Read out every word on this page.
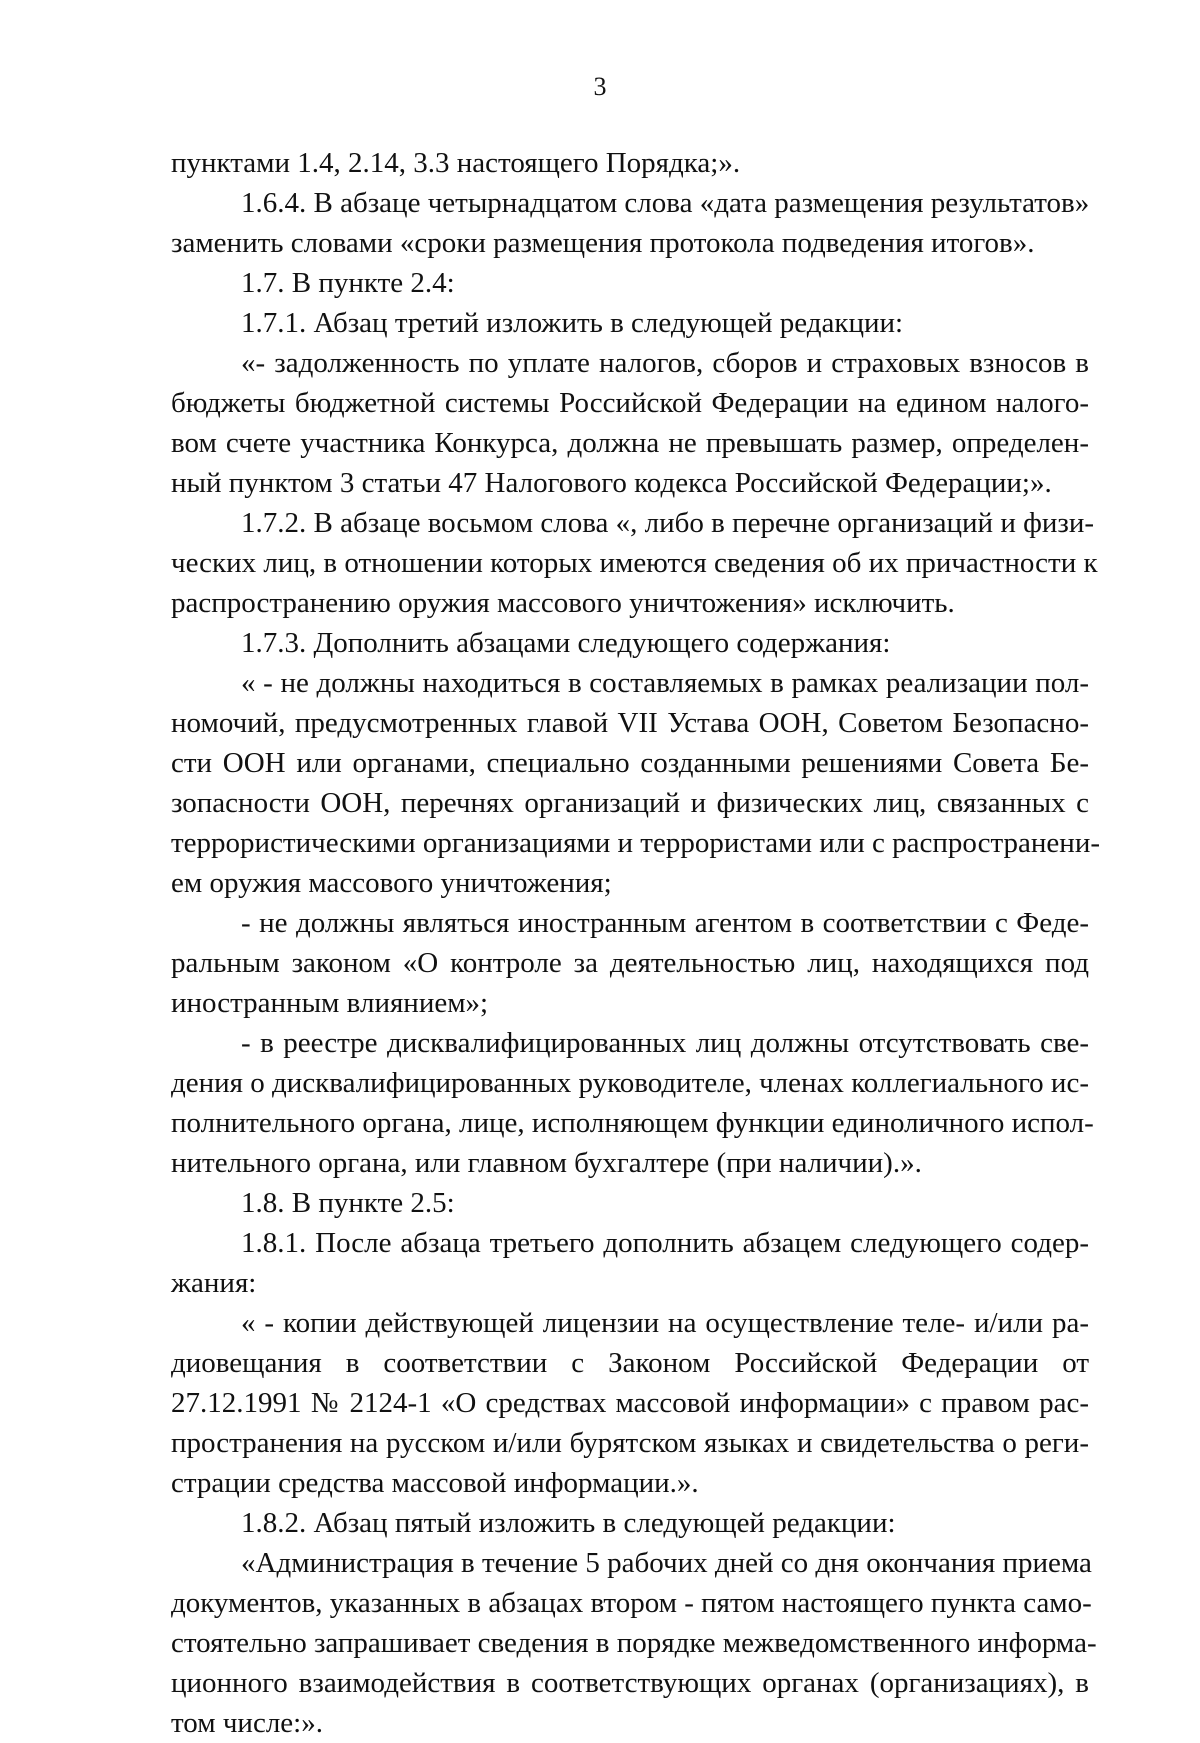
3
пунктами 1.4, 2.14, 3.3 настоящего Порядка;».
1.6.4. В абзаце четырнадцатом слова «дата размещения результатов»
заменить словами «сроки размещения протокола подведения итогов».
1.7. В пункте 2.4:
1.7.1. Абзац третий изложить в следующей редакции:
«- задолженность по уплате налогов, сборов и страховых взносов в
бюджеты бюджетной системы Российской Федерации на едином налого-
вом счете участника Конкурса, должна не превышать размер, определен-
ный пунктом 3 статьи 47 Налогового кодекса Российской Федерации;».
1.7.2. В абзаце восьмом слова «, либо в перечне организаций и физи-
ческих лиц, в отношении которых имеются сведения об их причастности к
распространению оружия массового уничтожения» исключить.
1.7.3. Дополнить абзацами следующего содержания:
« - не должны находиться в составляемых в рамках реализации пол-
номочий, предусмотренных главой VII Устава ООН, Советом Безопасно-
сти ООН или органами, специально созданными решениями Совета Бе-
зопасности ООН, перечнях организаций и физических лиц, связанных с
террористическими организациями и террористами или с распространени-
ем оружия массового уничтожения;
- не должны являться иностранным агентом в соответствии с Феде-
ральным законом «О контроле за деятельностью лиц, находящихся под
иностранным влиянием»;
- в реестре дисквалифицированных лиц должны отсутствовать све-
дения о дисквалифицированных руководителе, членах коллегиального ис-
полнительного органа, лице, исполняющем функции единоличного испол-
нительного органа, или главном бухгалтере (при наличии).».
1.8. В пункте 2.5:
1.8.1. После абзаца третьего дополнить абзацем следующего содер-
жания:
« - копии действующей лицензии на осуществление теле- и/или ра-
диовещания в соответствии с Законом Российской Федерации от
27.12.1991 № 2124-1 «О средствах массовой информации» с правом рас-
пространения на русском и/или бурятском языках и свидетельства о реги-
страции средства массовой информации.».
1.8.2. Абзац пятый изложить в следующей редакции:
«Администрация в течение 5 рабочих дней со дня окончания приема
документов, указанных в абзацах втором - пятом настоящего пункта само-
стоятельно запрашивает сведения в порядке межведомственного информа-
ционного взаимодействия в соответствующих органах (организациях), в
том числе:».
